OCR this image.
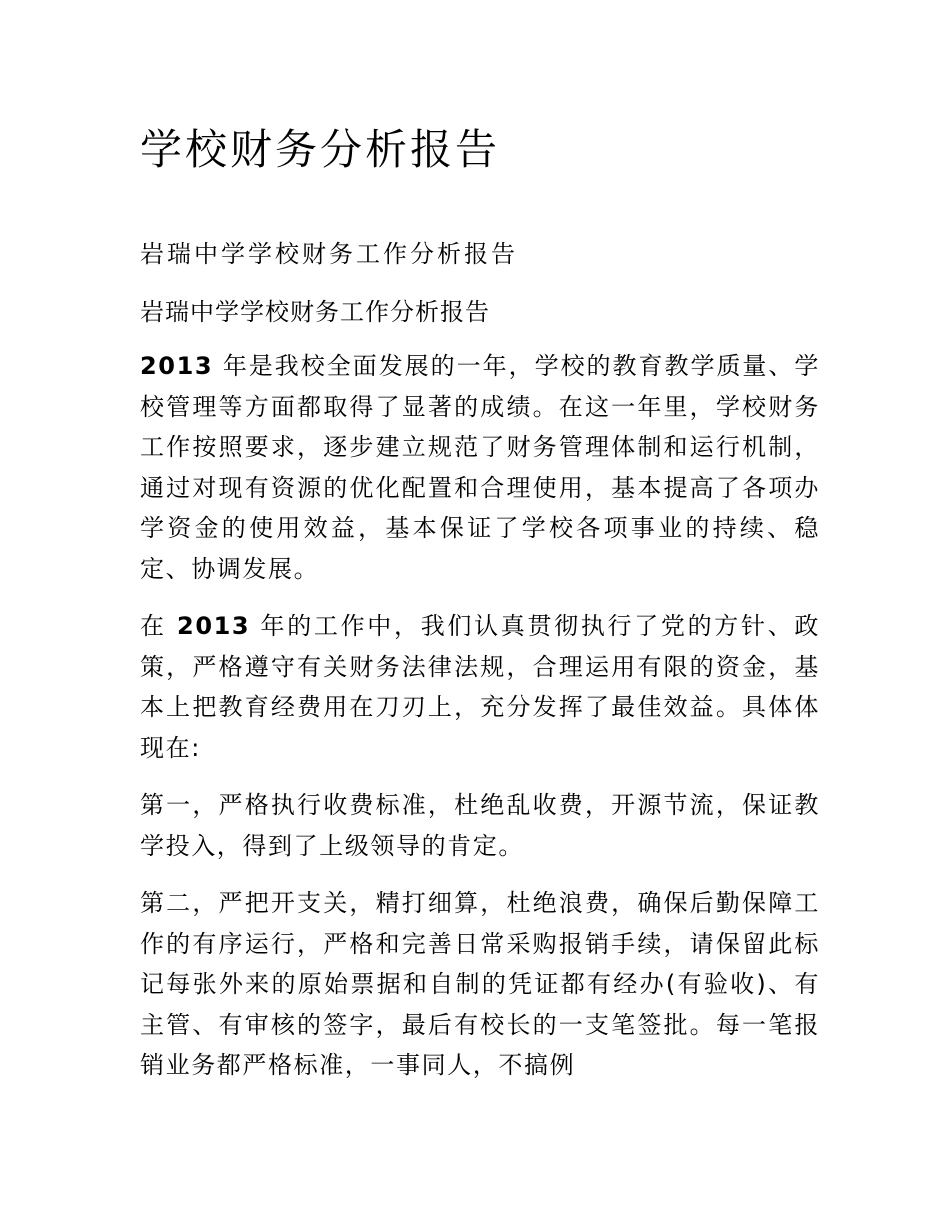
学校财务分析报告
岩瑞中学学校财务工作分析报告
岩瑞中学学校财务工作分析报告

2013 年是我校全面发展的一年，学校的教育教学质量、学校管理等方面都取得了显著的成绩。在这一年里，学校财务工作按照要求，逐步建立规范了财务管理体制和运行机制，通过对现有资源的优化配置和合理使用，基本提高了各项办学资金的使用效益，基本保证了学校各项事业的持续、稳定、协调发展。

在 2013 年的工作中，我们认真贯彻执行了党的方针、政策，严格遵守有关财务法律法规，合理运用有限的资金，基本上把教育经费用在刀刃上，充分发挥了最佳效益。具体体现在:

第一，严格执行收费标准，杜绝乱收费，开源节流，保证教学投入，得到了上级领导的肯定。

第二，严把开支关，精打细算，杜绝浪费，确保后勤保障工作的有序运行，严格和完善日常采购报销手续，请保留此标记每张外来的原始票据和自制的凭证都有经办(有验收)、有主管、有审核的签字，最后有校长的一支笔签批。每一笔报销业务都严格标准，一事同人，不搞例
